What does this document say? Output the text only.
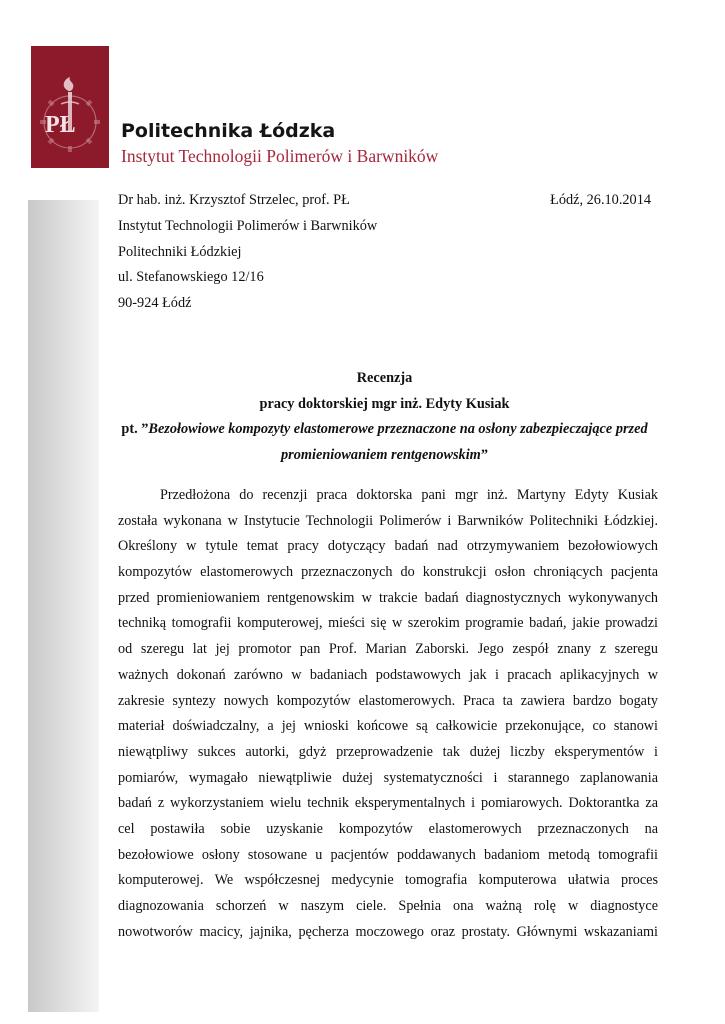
PŁ Politechnika Łódzka
Instytut Technologii Polimerów i Barwników
Dr hab. inż. Krzysztof Strzelec, prof. PŁ	Łódź, 26.10.2014
Instytut Technologii Polimerów i Barwników
Politechniki Łódzkiej
ul. Stefanowskiego 12/16
90-924 Łódź
Recenzja
pracy doktorskiej mgr inż. Edyty Kusiak
pt. ”Bezołowiowe kompozyty elastomerowe przeznaczone na osłony zabezpieczające przed
promieniowaniem rentgenowskim”
Przedłożona do recenzji praca doktorska pani mgr inż. Martyny Edyty Kusiak
została wykonana w Instytucie Technologii Polimerów i Barwników Politechniki Łódzkiej.
Określony w tytule temat pracy dotyczący badań nad otrzymywaniem bezołowiowych
kompozytów elastomerowych przeznaczonych do konstrukcji osłon chroniących pacjenta
przed promieniowaniem rentgenowskim w trakcie badań diagnostycznych wykonywanych
techniką tomografii komputerowej, mieści się w szerokim programie badań, jakie prowadzi
od szeregu lat jej promotor pan Prof. Marian Zaborski. Jego zespół znany z szeregu
ważnych dokonań zarówno w badaniach podstawowych jak i pracach aplikacyjnych w
zakresie syntezy nowych kompozytów elastomerowych. Praca ta zawiera bardzo bogaty
materiał doświadczalny, a jej wnioski końcowe są całkowicie przekonujące, co stanowi
niewątpliwy sukces autorki, gdyż przeprowadzenie tak dużej liczby eksperymentów i
pomiarów, wymagało niewątpliwie dużej systematyczności i starannego zaplanowania
badań z wykorzystaniem wielu technik eksperymentalnych i pomiarowych. Doktorantka za
cel postawiła sobie uzyskanie kompozytów elastomerowych przeznaczonych na
bezołowiowe osłony stosowane u pacjentów poddawanych badaniom metodą tomografii
komputerowej. We współczesnej medycynie tomografia komputerowa ułatwia proces
diagnozowania schorzeń w naszym ciele. Spełnia ona ważną rolę w diagnostyce
nowotworów macicy, jajnika, pęcherza moczowego oraz prostaty. Głównymi wskazaniami
